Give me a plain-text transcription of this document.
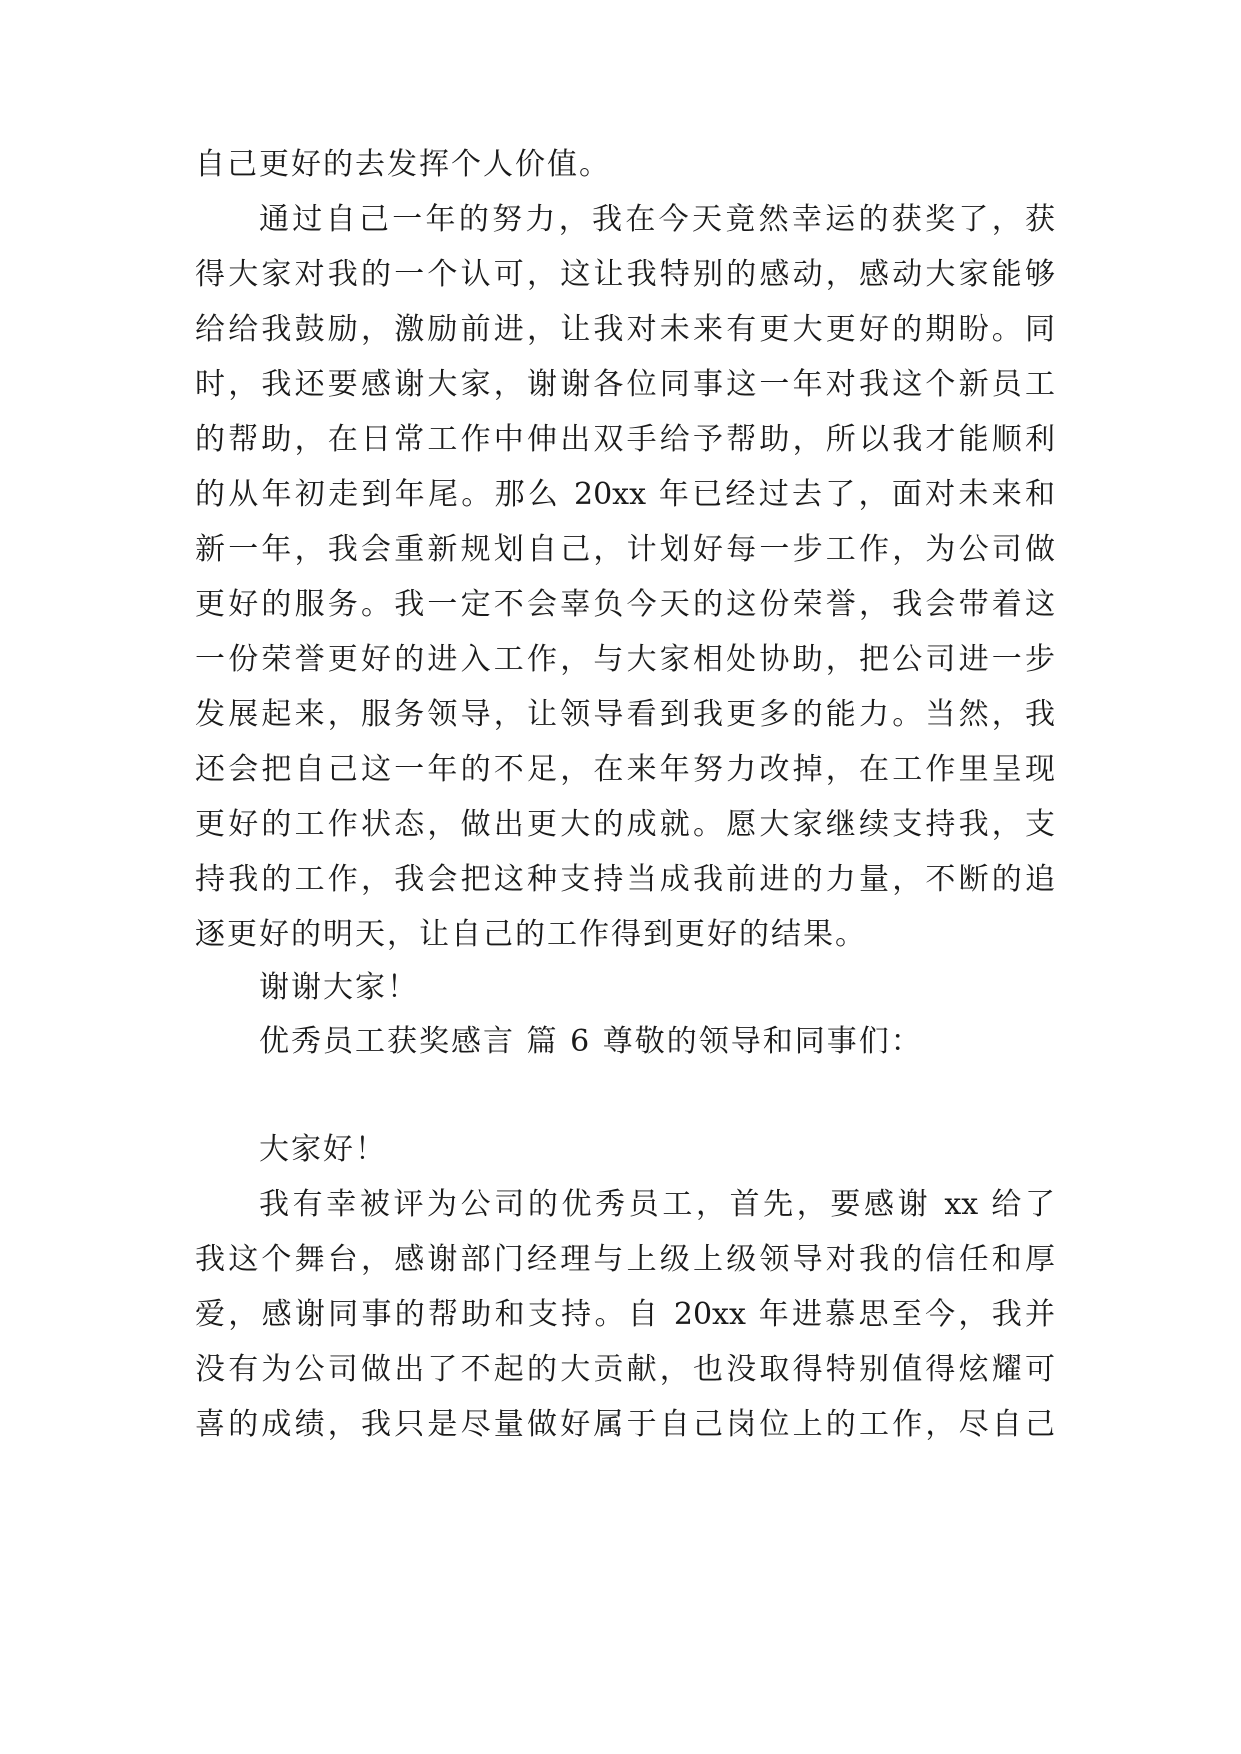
自己更好的去发挥个人价值。
通过自己一年的努力，我在今天竟然幸运的获奖了，获
得大家对我的一个认可，这让我特别的感动，感动大家能够
给给我鼓励，激励前进，让我对未来有更大更好的期盼。同
时，我还要感谢大家，谢谢各位同事这一年对我这个新员工
的帮助，在日常工作中伸出双手给予帮助，所以我才能顺利
的从年初走到年尾。那么 20xx 年已经过去了，面对未来和
新一年，我会重新规划自己，计划好每一步工作，为公司做
更好的服务。我一定不会辜负今天的这份荣誉，我会带着这
一份荣誉更好的进入工作，与大家相处协助，把公司进一步
发展起来，服务领导，让领导看到我更多的能力。当然，我
还会把自己这一年的不足，在来年努力改掉，在工作里呈现
更好的工作状态，做出更大的成就。愿大家继续支持我，支
持我的工作，我会把这种支持当成我前进的力量，不断的追
逐更好的明天，让自己的工作得到更好的结果。
谢谢大家！
优秀员工获奖感言 篇 6 尊敬的领导和同事们：
大家好！
我有幸被评为公司的优秀员工，首先，要感谢 xx 给了
我这个舞台，感谢部门经理与上级上级领导对我的信任和厚
爱，感谢同事的帮助和支持。自 20xx 年进慕思至今，我并
没有为公司做出了不起的大贡献，也没取得特别值得炫耀可
喜的成绩，我只是尽量做好属于自己岗位上的工作，尽自己
